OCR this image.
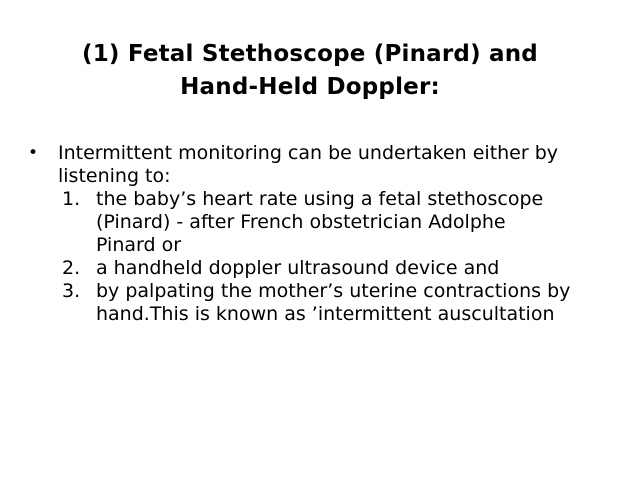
(1) Fetal Stethoscope (Pinard) and
Hand-Held Doppler:
• Intermittent monitoring can be undertaken either by
listening to:
1. the baby’s heart rate using a fetal stethoscope
(Pinard) - after French obstetrician Adolphe
Pinard or
2. a handheld doppler ultrasound device and
3. by palpating the mother’s uterine contractions by
hand.This is known as ’intermittent auscultation
